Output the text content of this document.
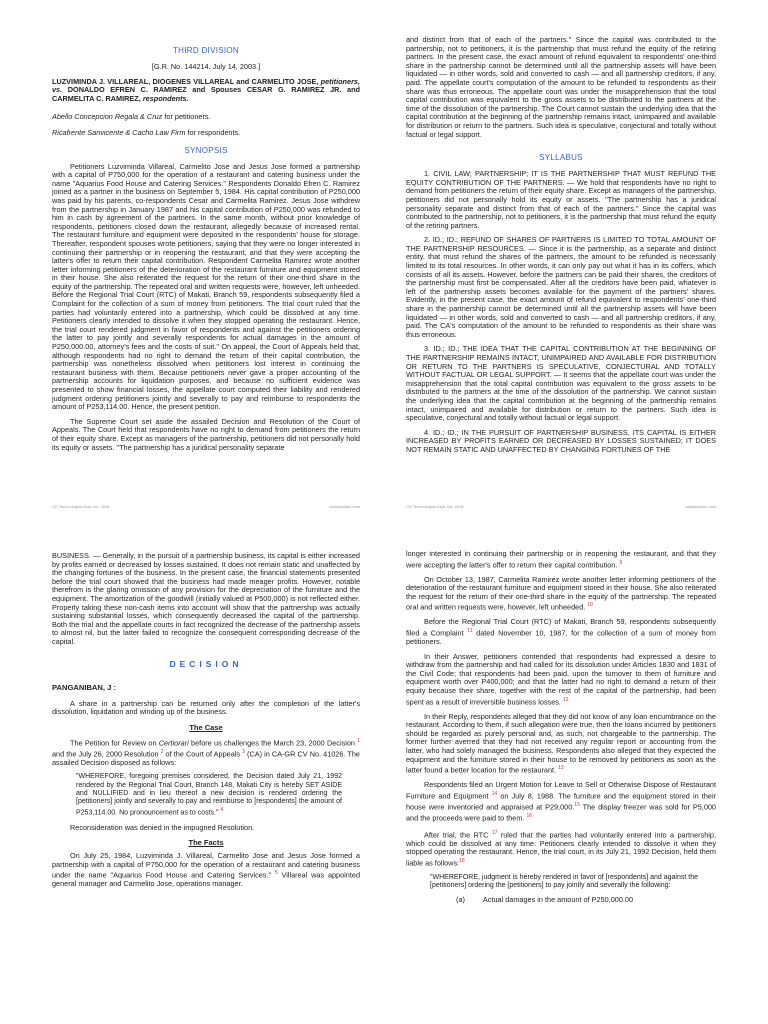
THIRD DIVISION

[G.R. No. 144214. July 14, 2003.]

LUZVIMINDA J. VILLAREAL, DIOGENES VILLAREAL and CARMELITO JOSE, petitioners, vs. DONALDO EFREN C. RAMIREZ and Spouses CESAR G. RAMIREZ JR. and CARMELITA C. RAMIREZ, respondents.

Abello Concepcion Regala & Cruz for petitioners.

Ricafrente Sanvicente & Cacho Law Firm for respondents.

SYNOPSIS

Petitioners Luzviminda Villareal, Carmelito Jose and Jesus Jose formed a partnership with a capital of P750,000 for the operation of a restaurant and catering business under the name "Aquarius Food House and Catering Services." Respondents Donaldo Efren C. Ramirez joined as a partner in the business on September 5, 1984. His capital contribution of P250,000 was paid by his parents, co-respondents Cesar and Carmelita Ramirez. Jesus Jose withdrew from the partnership in January 1987 and his capital contribution of P250,000 was refunded to him in cash by agreement of the partners. In the same month, without prior knowledge of respondents, petitioners closed down the restaurant, allegedly because of increased rental. The restaurant furniture and equipment were deposited in the respondents' house for storage. Thereafter, respondent spouses wrote petitioners, saying that they were no longer interested in continuing their partnership or in reopening the restaurant, and that they were accepting the latter's offer to return their capital contribution. Respondent Carmelita Ramirez wrote another letter informing petitioners of the deterioration of the restaurant furniture and equipment stored in their house. She also reiterated the request for the return of their one-third share in the equity of the partnership. The repeated oral and written requests were, however, left unheeded. Before the Regional Trial Court (RTC) of Makati, Branch 59, respondents subsequently filed a Complaint for the collection of a sum of money from petitioners. The trial court ruled that the parties had voluntarily entered into a partnership, which could be dissolved at any time. Petitioners clearly intended to dissolve it when they stopped operating the restaurant. Hence, the trial court rendered judgment in favor of respondents and against the petitioners ordering the latter to pay jointly and severally respondents for actual damages in the amount of P250,000.00, attorney's fees and the costs of suit." On appeal, the Court of Appeals held that, although respondents had no right to demand the return of their capital contribution, the partnership was nonetheless dissolved when petitioners lost interest in continuing the restaurant business with them. Because petitioners never gave a proper accounting of the partnership accounts for liquidation purposes, and because no sufficient evidence was presented to show financial losses, the appellate court computed their liability and rendered judgment ordering petitioners jointly and severally to pay and reimburse to respondents the amount of P253,114.00. Hence, the present petition.

The Supreme Court set aside the assailed Decision and Resolution of the Court of Appeals. The Court held that respondents have no right to demand from petitioners the return of their equity share. Except as managers of the partnership, petitioners did not personally hold its equity or assets. "The partnership has a juridical personality separate

CD Technologies Asia, Inc. 2018	cdasiaonline.com

and distinct from that of each of the partners." Since the capital was contributed to the partnership, not to petitioners, it is the partnership that must refund the equity of the retiring partners. In the present case, the exact amount of refund equivalent to respondents' one-third share in the partnership cannot be determined until all the partnership assets will have been liquidated — in other words, sold and converted to cash — and all partnership creditors, if any, paid. The appellate court's computation of the amount to be refunded to respondents as their share was thus erroneous. The appellate court was under the misapprehension that the total capital contribution was equivalent to the gross assets to be distributed to the partners at the time of the dissolution of the partnership. The Court cannot sustain the underlying idea that the capital contribution at the beginning of the partnership remains intact, unimpaired and available for distribution or return to the partners. Such idea is speculative, conjectural and totally without factual or legal support.

SYLLABUS

1. CIVIL LAW; PARTNERSHIP; IT IS THE PARTNERSHIP THAT MUST REFUND THE EQUITY CONTRIBUTION OF THE PARTNERS. — We hold that respondents have no right to demand from petitioners the return of their equity share. Except as managers of the partnership, petitioners did not personally hold its equity or assets. "The partnership has a juridical personality separate and distinct from that of each of the partners." Since the capital was contributed to the partnership, not to petitioners, it is the partnership that must refund the equity of the retiring partners.

2. ID.; ID.; REFUND OF SHARES OF PARTNERS IS LIMITED TO TOTAL AMOUNT OF THE PARTNERSHIP RESOURCES. — Since it is the partnership, as a separate and distinct entity, that must refund the shares of the partners, the amount to be refunded is necessarily limited to its total resources. In other words, it can only pay out what it has in its coffers, which consists of all its assets. However, before the partners can be paid their shares, the creditors of the partnership must first be compensated. After all the creditors have been paid, whatever is left of the partnership assets becomes available for the payment of the partners' shares. Evidently, in the present case, the exact amount of refund equivalent to respondents' one-third share in the partnership cannot be determined until all the partnership assets will have been liquidated — in other words, sold and converted to cash — and all partnership creditors, if any, paid. The CA's computation of the amount to be refunded to respondents as their share was thus erroneous.

3. ID.; ID.; THE IDEA THAT THE CAPITAL CONTRIBUTION AT THE BEGINNING OF THE PARTNERSHIP REMAINS INTACT, UNIMPAIRED AND AVAILABLE FOR DISTRIBUTION OR RETURN TO THE PARTNERS IS SPECULATIVE, CONJECTURAL AND TOTALLY WITHOUT FACTUAL OR LEGAL SUPPORT. — It seems that the appellate court was under the misapprehension that the total capital contribution was equivalent to the gross assets to be distributed to the partners at the time of the dissolution of the partnership. We cannot sustain the underlying idea that the capital contribution at the beginning of the partnership remains intact, unimpaired and available for distribution or return to the partners. Such idea is speculative, conjectural and totally without factual or legal support.

4. ID.; ID.; IN THE PURSUIT OF PARTNERSHIP BUSINESS, ITS CAPITAL IS EITHER INCREASED BY PROFITS EARNED OR DECREASED BY LOSSES SUSTAINED; IT DOES NOT REMAIN STATIC AND UNAFFECTED BY CHANGING FORTUNES OF THE

CD Technologies Asia, Inc. 2018	cdasiaonline.com

BUSINESS. — Generally, in the pursuit of a partnership business, its capital is either increased by profits earned or decreased by losses sustained. It does not remain static and unaffected by the changing fortunes of the business. In the present case, the financial statements presented before the trial court showed that the business had made meager profits. However, notable therefrom is the glaring omission of any provision for the depreciation of the furniture and the equipment. The amortization of the goodwill (initially valued at P500,000) is not reflected either. Properly taking these non-cash items into account will show that the partnership was actually sustaining substantial losses, which consequently decreased the capital of the partnership. Both the trial and the appellate courts in fact recognized the decrease of the partnership assets to almost nil, but the latter failed to recognize the consequent corresponding decrease of the capital.

DECISION
PANGANIBAN, J :

A share in a partnership can be returned only after the completion of the latter's dissolution, liquidation and winding up of the business.

The Case

The Petition for Review on Certiorari before us challenges the March 23, 2000 Decision $^1$ and the July 26, 2000 Resolution $^2$ of the Court of Appeals $^3$ (CA) in CA-GR CV No. 41026. The assailed Decision disposed as follows:

"WHEREFORE, foregoing premises considered, the Decision dated July 21, 1992 rendered by the Regional Trial Court, Branch 148, Makati City is hereby SET ASIDE and NULLIFIED and in lieu thereof a new decision is rendered ordering the [petitioners] jointly and severally to pay and reimburse to [respondents] the amount of P253,114.00. No pronouncement as to costs." $^4$

Reconsideration was denied in the impugned Resolution.

The Facts

On July 25, 1984, Luzviminda J. Villareal, Carmelito Jose and Jesus Jose formed a partnership with a capital of P750,000 for the operation of a restaurant and catering business under the name "Aquarius Food House and Catering Services." $^5$ Villareal was appointed general manager and Carmelito Jose, operations manager.

longer interested in continuing their partnership or in reopening the restaurant, and that they were accepting the latter's offer to return their capital contribution. $^9$

On October 13, 1987, Carmelita Ramirez wrote another letter informing petitioners of the deterioration of the restaurant furniture and equipment stored in their house. She also reiterated the request for the return of their one-third share in the equity of the partnership. The repeated oral and written requests were, however, left unheeded. $^{10}$

Before the Regional Trial Court (RTC) of Makati, Branch 59, respondents subsequently filed a Complaint $^{11}$ dated November 10, 1987, for the collection of a sum of money from petitioners.

In their Answer, petitioners contended that respondents had expressed a desire to withdraw from the partnership and had called for its dissolution under Articles 1830 and 1831 of the Civil Code; that respondents had been paid, upon the turnover to them of furniture and equipment worth over P400,000; and that the latter had no right to demand a return of their equity because their share, together with the rest of the capital of the partnership, had been spent as a result of irreversible business losses. $^{12}$

In their Reply, respondents alleged that they did not know of any loan encumbrance on the restaurant. According to them, if such allegation were true, then the loans incurred by petitioners should be regarded as purely personal and, as such, not chargeable to the partnership. The former further averred that they had not received any regular report or accounting from the latter, who had solely managed the business. Respondents also alleged that they expected the equipment and the furniture stored in their house to be removed by petitioners as soon as the latter found a better location for the restaurant. $^{13}$

Respondents filed an Urgent Motion for Leave to Sell or Otherwise Dispose of Restaurant Furniture and Equipment $^{14}$ on July 8, 1988. The furniture and the equipment stored in their house were inventoried and appraised at P29,000.15 The display freezer was sold for P5,000 and the proceeds were paid to them. $^{16}$

After trial, the RTC $^{17}$ ruled that the parties had voluntarily entered into a partnership, which could be dissolved at any time. Petitioners clearly intended to dissolve it when they stopped operating the restaurant. Hence, the trial court, in its July 21, 1992 Decision, held them liable as follows:$^{18}$

"WHEREFORE, judgment is hereby rendered in favor of [respondents] and against the [petitioners] ordering the [petitioners] to pay jointly and severally the following:

(a) Actual damages in the amount of P250,000.00
